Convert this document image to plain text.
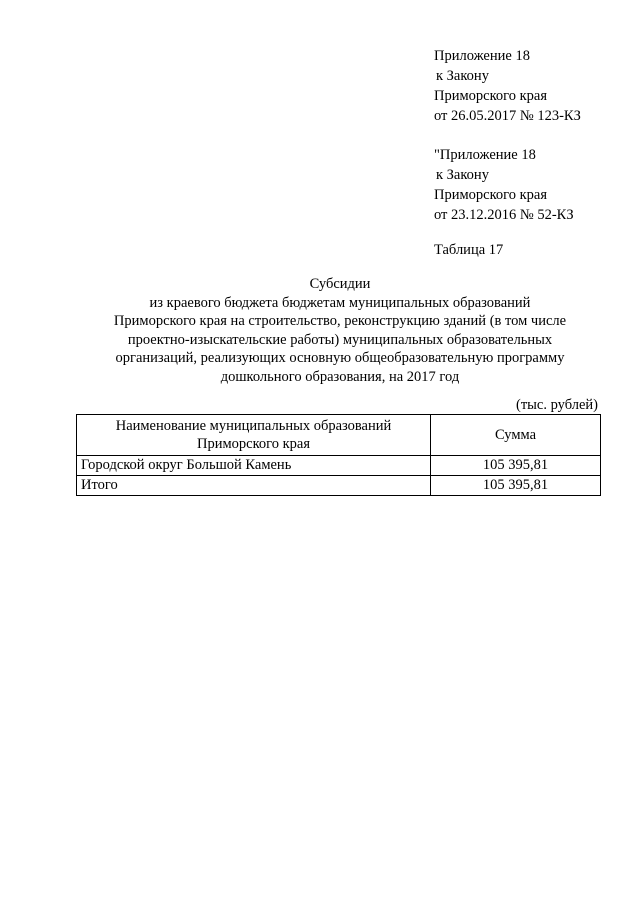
Приложение 18
к Закону
Приморского края
от 26.05.2017 № 123-КЗ
"Приложение 18
к Закону
Приморского края
от 23.12.2016 № 52-КЗ
Таблица 17
Субсидии
из краевого бюджета бюджетам муниципальных образований
Приморского края на строительство, реконструкцию зданий (в том числе
проектно-изыскательские работы) муниципальных образовательных
организаций, реализующих основную общеобразовательную программу
дошкольного образования, на 2017 год
(тыс. рублей)
Наименование муниципальных образований
Приморского края	Сумма
Городской округ Большой Камень	105 395,81
Итого	105 395,81
